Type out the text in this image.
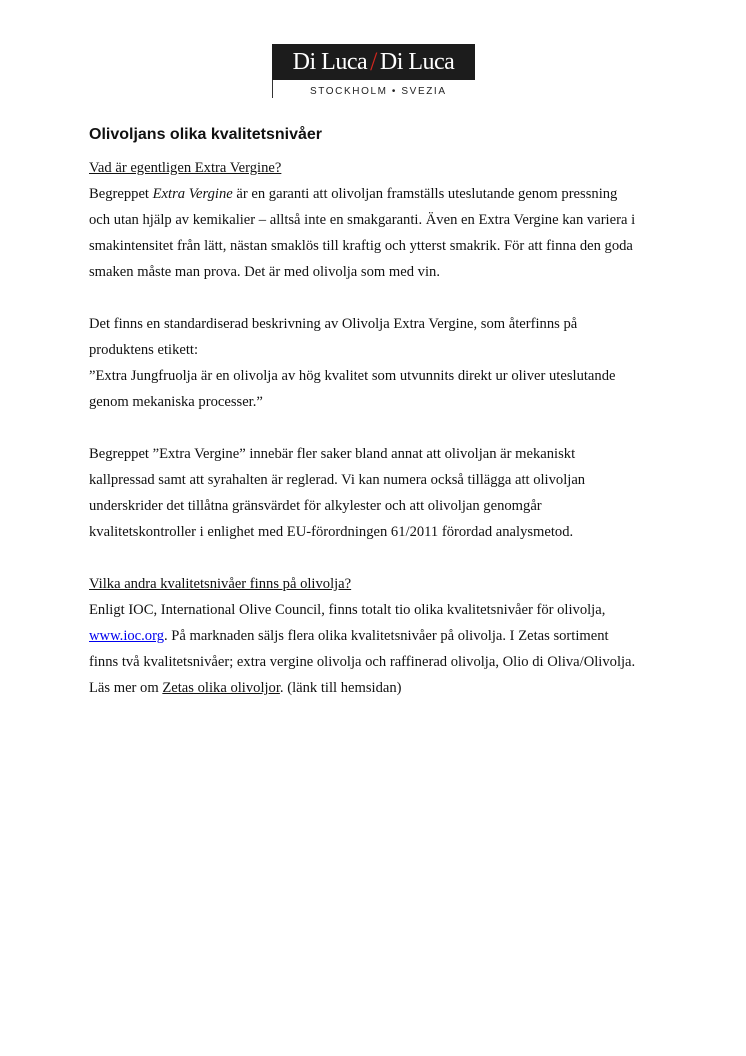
Di Luca / Di Luca
STOCKHOLM • SVEZIA
Olivoljans olika kvalitetsnivåer
Vad är egentligen Extra Vergine?
Begreppet Extra Vergine är en garanti att olivoljan framställs uteslutande genom pressning
och utan hjälp av kemikalier – alltså inte en smakgaranti. Även en Extra Vergine kan variera i
smakintensitet från lätt, nästan smaklös till kraftig och ytterst smakrik. För att finna den goda
smaken måste man prova. Det är med olivolja som med vin.
Det finns en standardiserad beskrivning av Olivolja Extra Vergine, som återfinns på
produktens etikett:
”Extra Jungfruolja är en olivolja av hög kvalitet som utvunnits direkt ur oliver uteslutande
genom mekaniska processer.”
Begreppet ”Extra Vergine” innebär fler saker bland annat att olivoljan är mekaniskt
kallpressad samt att syrahalten är reglerad. Vi kan numera också tillägga att olivoljan
underskrider det tillåtna gränsvärdet för alkylester och att olivoljan genomgår
kvalitetskontroller i enlighet med EU-förordningen 61/2011 förordad analysmetod.
Vilka andra kvalitetsnivåer finns på olivolja?
Enligt IOC, International Olive Council, finns totalt tio olika kvalitetsnivåer för olivolja,
www.ioc.org. På marknaden säljs flera olika kvalitetsnivåer på olivolja. I Zetas sortiment
finns två kvalitetsnivåer; extra vergine olivolja och raffinerad olivolja, Olio di Oliva/Olivolja.
Läs mer om Zetas olika olivoljor. (länk till hemsidan)
